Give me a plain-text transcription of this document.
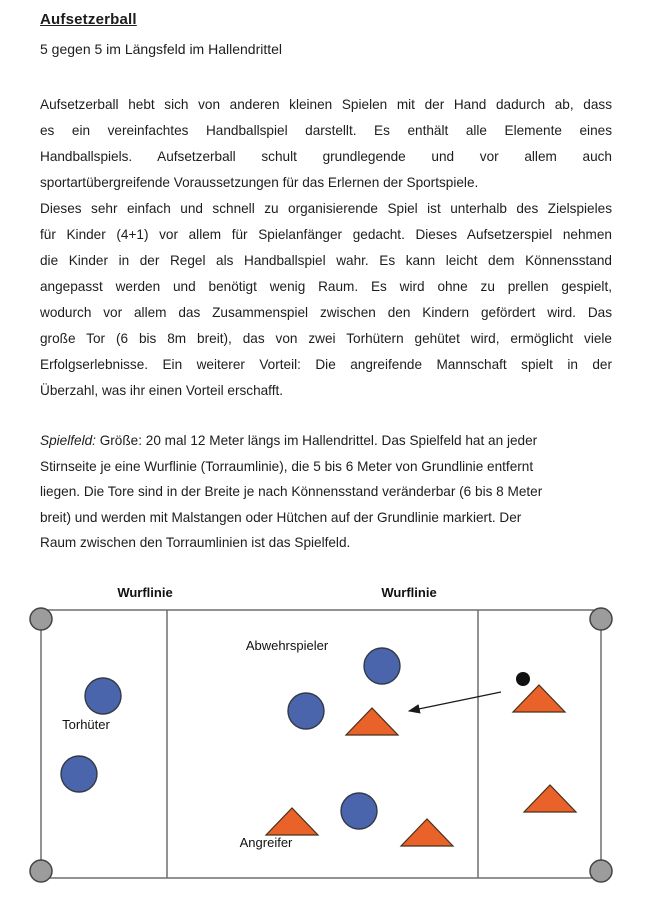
Aufsetzerball
5 gegen 5 im Längsfeld im Hallendrittel
Aufsetzerball hebt sich von anderen kleinen Spielen mit der Hand dadurch ab, dass
es ein vereinfachtes Handballspiel darstellt. Es enthält alle Elemente eines
Handballspiels. Aufsetzerball schult grundlegende und vor allem auch
sportartübergreifende Voraussetzungen für das Erlernen der Sportspiele.
Dieses sehr einfach und schnell zu organisierende Spiel ist unterhalb des Zielspieles
für Kinder (4+1) vor allem für Spielanfänger gedacht. Dieses Aufsetzerspiel nehmen
die Kinder in der Regel als Handballspiel wahr. Es kann leicht dem Könnensstand
angepasst werden und benötigt wenig Raum. Es wird ohne zu prellen gespielt,
wodurch vor allem das Zusammenspiel zwischen den Kindern gefördert wird. Das
große Tor (6 bis 8m breit), das von zwei Torhütern gehütet wird, ermöglicht viele
Erfolgserlebnisse. Ein weiterer Vorteil: Die angreifende Mannschaft spielt in der
Überzahl, was ihr einen Vorteil erschafft.
Spielfeld: Größe: 20 mal 12 Meter längs im Hallendrittel. Das Spielfeld hat an jeder
Stirnseite je eine Wurflinie (Torraumlinie), die 5 bis 6 Meter von Grundlinie entfernt
liegen. Die Tore sind in der Breite je nach Könnensstand veränderbar (6 bis 8 Meter
breit) und werden mit Malstangen oder Hütchen auf der Grundlinie markiert. Der
Raum zwischen den Torraumlinien ist das Spielfeld.
Wurflinie	Wurflinie
Abwehrspieler
Torhüter
Angreifer
